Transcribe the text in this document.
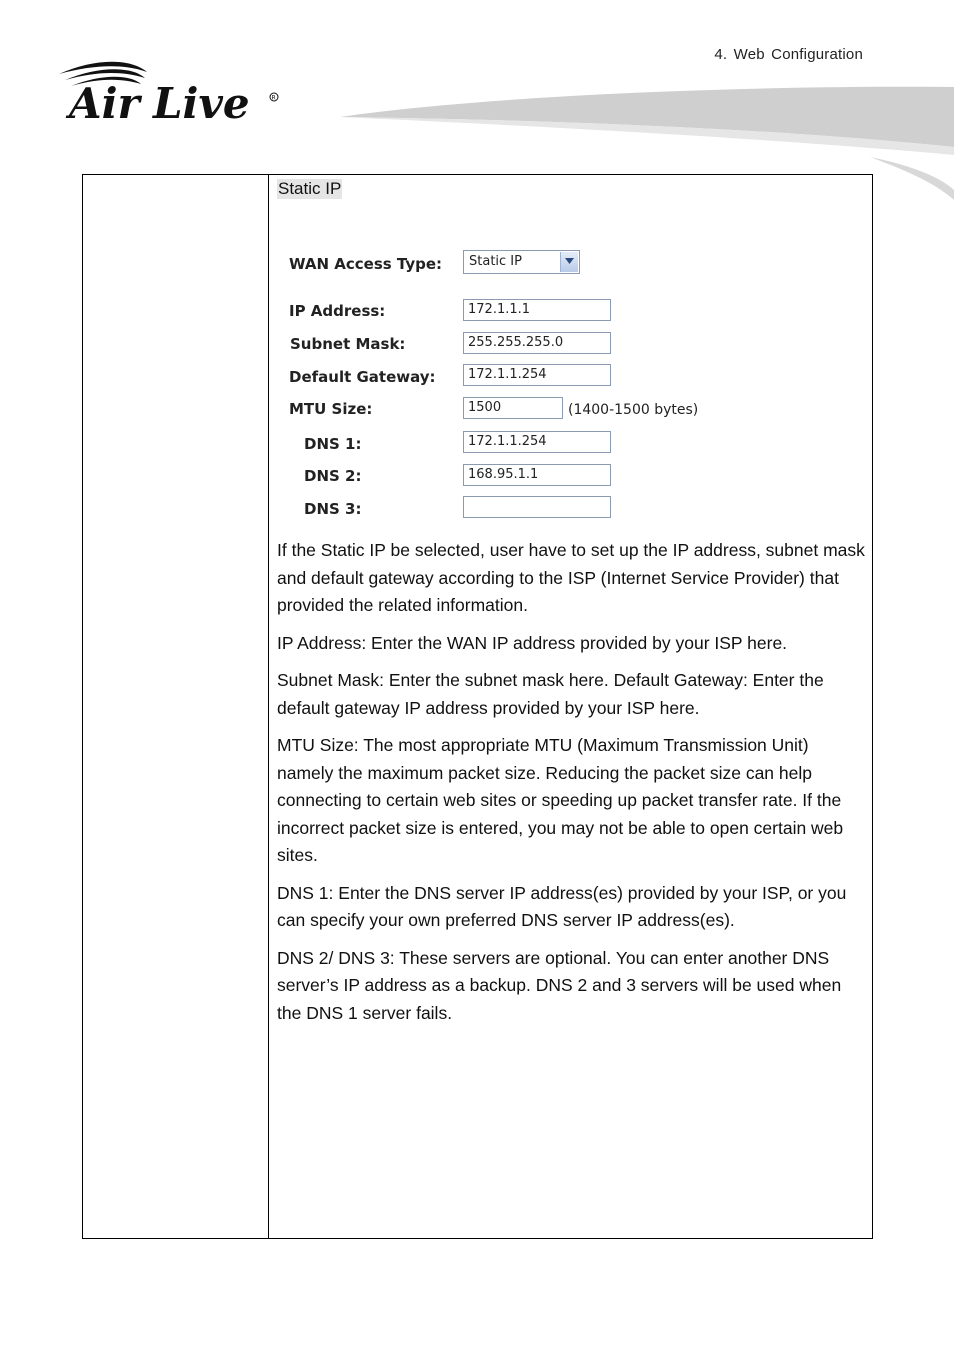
4. Web Configuration
Air Live	R
Static IP
WAN Access Type: Static IP
IP Address:	172.1.1.1
Subnet Mask:	255.255.255.0
Default Gateway:	172.1.1.254
MTU Size:	1500	(1400-1500 bytes)
DNS 1:	172.1.1.254
DNS 2:	168.95.1.1
DNS 3:

If the Static IP be selected, user have to set up the IP address, subnet mask and default gateway according to the ISP (Internet Service Provider) that provided the related information.

IP Address: Enter the WAN IP address provided by your ISP here.

Subnet Mask: Enter the subnet mask here. Default Gateway: Enter the default gateway IP address provided by your ISP here.

MTU Size: The most appropriate MTU (Maximum Transmission Unit) namely the maximum packet size. Reducing the packet size can help connecting to certain web sites or speeding up packet transfer rate. If the incorrect packet size is entered, you may not be able to open certain web sites.

DNS 1: Enter the DNS server IP address(es) provided by your ISP, or you can specify your own preferred DNS server IP address(es).

DNS 2/ DNS 3: These servers are optional. You can enter another DNS server’s IP address as a backup. DNS 2 and 3 servers will be used when the DNS 1 server fails.
